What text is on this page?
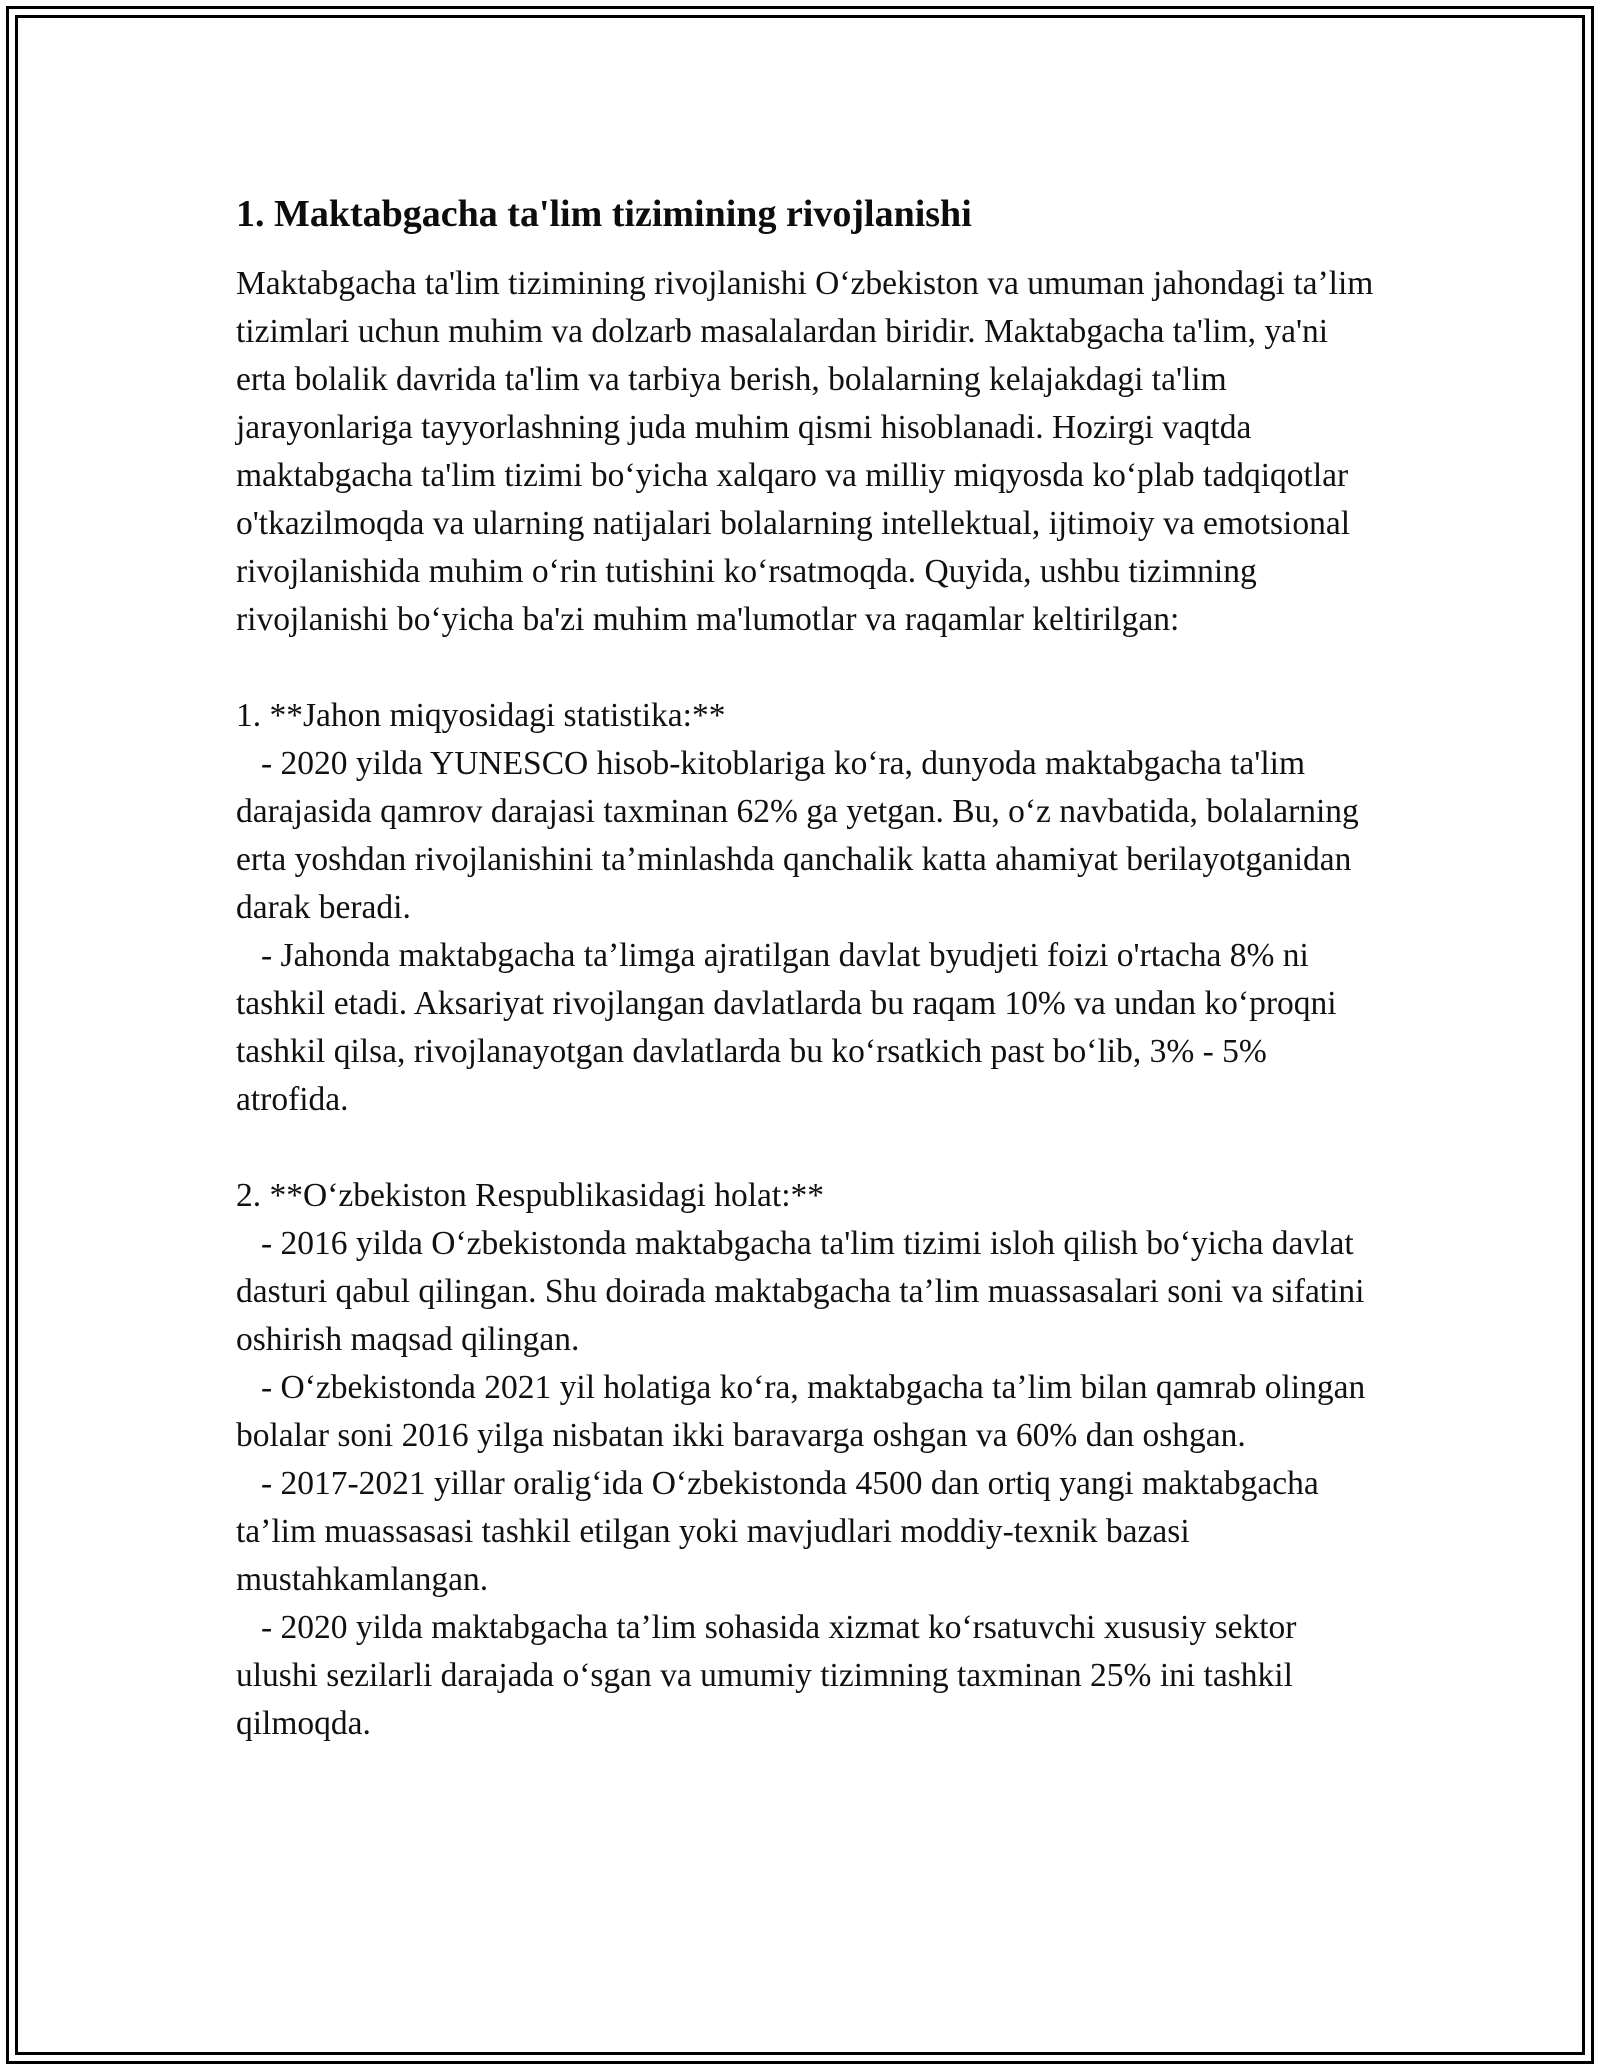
1. Maktabgacha ta'lim tizimining rivojlanishi

Maktabgacha ta'lim tizimining rivojlanishi Oʻzbekiston va umuman jahondagi taʼlim tizimlari uchun muhim va dolzarb masalalardan biridir. Maktabgacha ta'lim, ya'ni erta bolalik davrida ta'lim va tarbiya berish, bolalarning kelajakdagi ta'lim jarayonlariga tayyorlashning juda muhim qismi hisoblanadi. Hozirgi vaqtda maktabgacha ta'lim tizimi boʻyicha xalqaro va milliy miqyosda koʻplab tadqiqotlar o'tkazilmoqda va ularning natijalari bolalarning intellektual, ijtimoiy va emotsional rivojlanishida muhim oʻrin tutishini koʻrsatmoqda. Quyida, ushbu tizimning rivojlanishi boʻyicha ba'zi muhim ma'lumotlar va raqamlar keltirilgan:

1. **Jahon miqyosidagi statistika:**

- 2020 yilda YUNESCO hisob-kitoblariga koʻra, dunyoda maktabgacha ta'lim darajasida qamrov darajasi taxminan 62% ga yetgan. Bu, oʻz navbatida, bolalarning erta yoshdan rivojlanishini taʼminlashda qanchalik katta ahamiyat berilayotganidan darak beradi.

- Jahonda maktabgacha taʼlimga ajratilgan davlat byudjeti foizi o'rtacha 8% ni tashkil etadi. Aksariyat rivojlangan davlatlarda bu raqam 10% va undan koʻproqni tashkil qilsa, rivojlanayotgan davlatlarda bu koʻrsatkich past boʻlib, 3% - 5% atrofida.

2. **Oʻzbekiston Respublikasidagi holat:**

- 2016 yilda Oʻzbekistonda maktabgacha ta'lim tizimi isloh qilish boʻyicha davlat dasturi qabul qilingan. Shu doirada maktabgacha taʼlim muassasalari soni va sifatini oshirish maqsad qilingan.

- Oʻzbekistonda 2021 yil holatiga koʻra, maktabgacha taʼlim bilan qamrab olingan bolalar soni 2016 yilga nisbatan ikki baravarga oshgan va 60% dan oshgan.

- 2017-2021 yillar oraligʻida Oʻzbekistonda 4500 dan ortiq yangi maktabgacha taʼlim muassasasi tashkil etilgan yoki mavjudlari moddiy-texnik bazasi mustahkamlangan.

- 2020 yilda maktabgacha taʼlim sohasida xizmat koʻrsatuvchi xususiy sektor ulushi sezilarli darajada oʻsgan va umumiy tizimning taxminan 25% ini tashkil qilmoqda.
